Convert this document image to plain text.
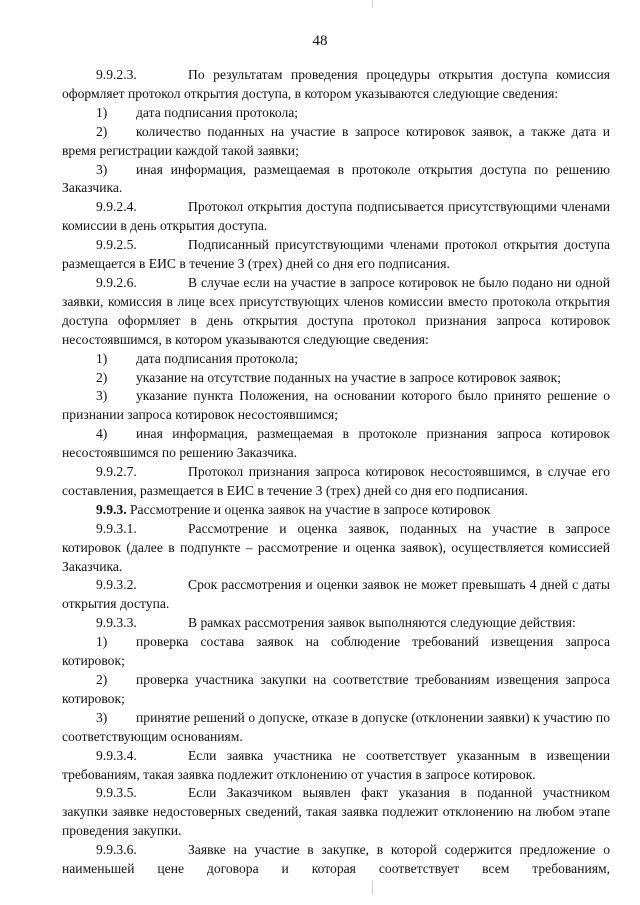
48

9.9.2.3.	По результатам проведения процедуры открытия доступа комиссия оформляет протокол открытия доступа, в котором указываются следующие сведения:

1) дата подписания протокола;

2) количество поданных на участие в запросе котировок заявок, а также дата и время регистрации каждой такой заявки;

3) иная информация, размещаемая в протоколе открытия доступа по решению Заказчика.

9.9.2.4.	Протокол открытия доступа подписывается присутствующими членами комиссии в день открытия доступа.

9.9.2.5.	Подписанный присутствующими членами протокол открытия доступа размещается в ЕИС в течение 3 (трех) дней со дня его подписания.

9.9.2.6.	В случае если на участие в запросе котировок не было подано ни одной заявки, комиссия в лице всех присутствующих членов комиссии вместо протокола открытия доступа оформляет в день открытия доступа протокол признания запроса котировок несостоявшимся, в котором указываются следующие сведения:

1) дата подписания протокола;

2) указание на отсутствие поданных на участие в запросе котировок заявок;

3) указание пункта Положения, на основании которого было принято решение о признании запроса котировок несостоявшимся;

4) иная информация, размещаемая в протоколе признания запроса котировок несостоявшимся по решению Заказчика.

9.9.2.7.	Протокол признания запроса котировок несостоявшимся, в случае его составления, размещается в ЕИС в течение 3 (трех) дней со дня его подписания.

9.9.3. Рассмотрение и оценка заявок на участие в запросе котировок

9.9.3.1.	Рассмотрение и оценка заявок, поданных на участие в запросе котировок (далее в подпункте – рассмотрение и оценка заявок), осуществляется комиссией Заказчика.

9.9.3.2.	Срок рассмотрения и оценки заявок не может превышать 4 дней с даты открытия доступа.

9.9.3.3.	В рамках рассмотрения заявок выполняются следующие действия:

1) проверка состава заявок на соблюдение требований извещения запроса котировок;

2) проверка участника закупки на соответствие требованиям извещения запроса котировок;

3) принятие решений о допуске, отказе в допуске (отклонении заявки) к участию по соответствующим основаниям.

9.9.3.4.	Если заявка участника не соответствует указанным в извещении требованиям, такая заявка подлежит отклонению от участия в запросе котировок.

9.9.3.5.	Если Заказчиком выявлен факт указания в поданной участником закупки заявке недостоверных сведений, такая заявка подлежит отклонению на любом этапе проведения закупки.

9.9.3.6.	Заявке на участие в закупке, в которой содержится предложение о наименьшей цене договора и которая соответствует всем требованиям,
